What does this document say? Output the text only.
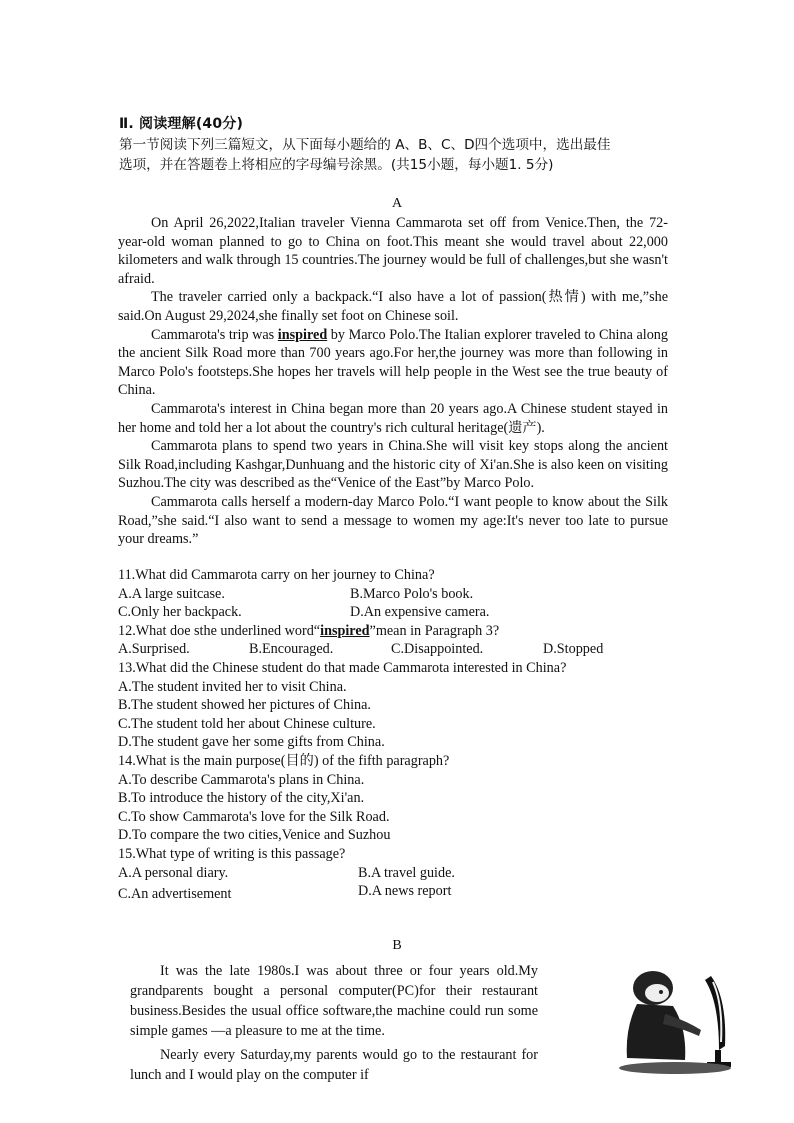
Ⅱ. 阅读理解(40分)
第一节阅读下列三篇短文，从下面每小题给的 A、B、C、D四个选项中，选出最佳 选项，并在答题卷上将相应的字母编号涂黑。(共15小题，每小题1. 5分)
A

On April 26,2022,Italian traveler Vienna Cammarota set off from Venice.Then, the 72-year-old woman planned to go to China on foot.This meant she would travel about 22,000 kilometers and walk through 15 countries.The journey would be full of challenges,but she wasn't afraid.

The traveler carried only a backpack.“I also have a lot of passion(热情) with me,”she said.On August 29,2024,she finally set foot on Chinese soil.

Cammarota's trip was inspired by Marco Polo.The Italian explorer traveled to China along the ancient Silk Road more than 700 years ago.For her,the journey was more than following in Marco Polo's footsteps.She hopes her travels will help people in the West see the true beauty of China.

Cammarota's interest in China began more than 20 years ago.A Chinese student stayed in her home and told her a lot about the country's rich cultural heritage(遗产).

Cammarota plans to spend two years in China.She will visit key stops along the ancient Silk Road,including Kashgar,Dunhuang and the historic city of Xi'an.She is also keen on visiting Suzhou.The city was described as the“Venice of the East”by Marco Polo.

Cammarota calls herself a modern-day Marco Polo.“I want people to know about the Silk Road,”she said.“I also want to send a message to women my age:It's never too late to pursue your dreams.”

11.What did Cammarota carry on her journey to China?
A.A large suitcase.	B.Marco Polo's book.
C.Only her backpack.	D.An expensive camera.
12.What doe sthe underlined word“inspired”mean in Paragraph 3?
A.Surprised.	B.Encouraged.	C.Disappointed.	D.Stopped
13.What did the Chinese student do that made Cammarota interested in China?
A.The student invited her to visit China.
B.The student showed her pictures of China.
C.The student told her about Chinese culture.
D.The student gave her some gifts from China.
14.What is the main purpose(目的) of the fifth paragraph?
A.To describe Cammarota's plans in China.
B.To introduce the history of the city,Xi'an.
C.To show Cammarota's love for the Silk Road.
D.To compare the two cities,Venice and Suzhou
15.What type of writing is this passage?
A.A personal diary.	B.A travel guide.
C.An advertisement	D.A news report
B

It was the late 1980s.I was about three or four years old.My grandparents bought a personal computer(PC)for their restaurant business.Besides the usual office software,the machine could run some simple games —a pleasure to me at the time.

Nearly every Saturday,my parents would go to the restaurant for lunch and I would play on the computer if
